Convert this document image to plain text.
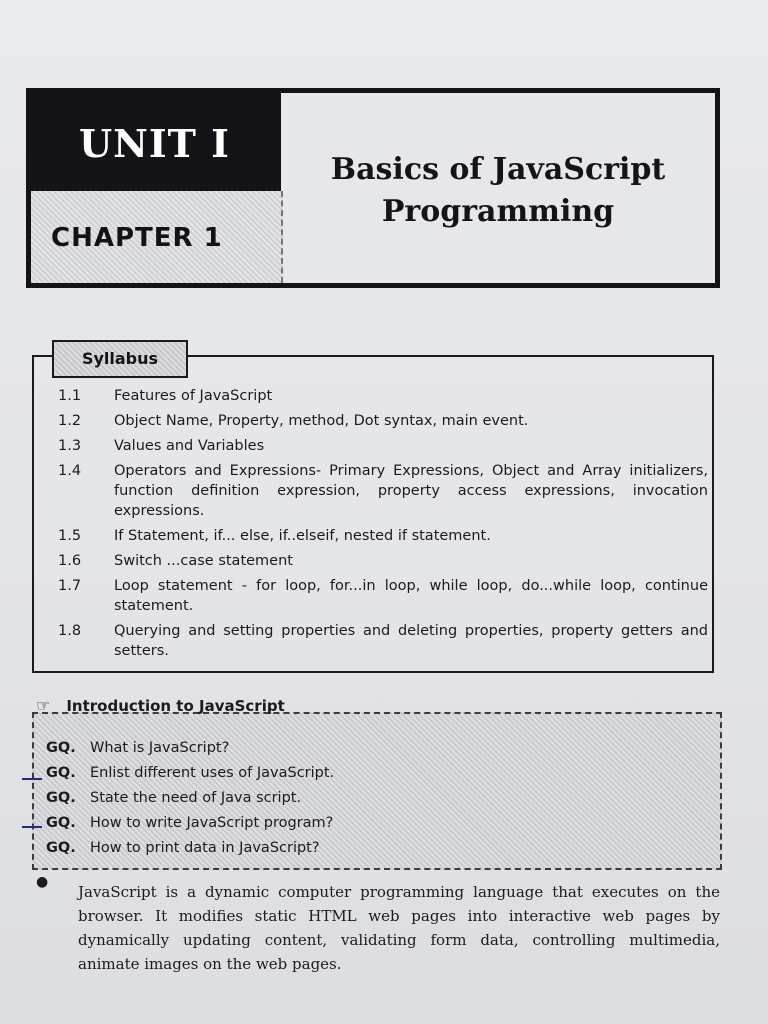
UNIT I
CHAPTER 1
Basics of JavaScript
Programming
Syllabus
1.1	Features of JavaScript
1.2	Object Name, Property, method, Dot syntax, main event.
1.3	Values and Variables
1.4	Operators and Expressions- Primary Expressions, Object and Array initializers, function definition expression, property access expressions, invocation expressions.
1.5	If Statement, if... else, if..elseif, nested if statement.
1.6	Switch ...case statement
1.7	Loop statement - for loop, for...in loop, while loop, do...while loop, continue statement.
1.8	Querying and setting properties and deleting properties, property getters and setters.
☞ Introduction to JavaScript
GQ. What is JavaScript?
GQ. Enlist different uses of JavaScript.
GQ. State the need of Java script.
GQ. How to write JavaScript program?
GQ. How to print data in JavaScript?
●

JavaScript is a dynamic computer programming language that executes on the browser. It modifies static HTML web pages into interactive web pages by dynamically updating content, validating form data, controlling multimedia, animate images on the web pages.
